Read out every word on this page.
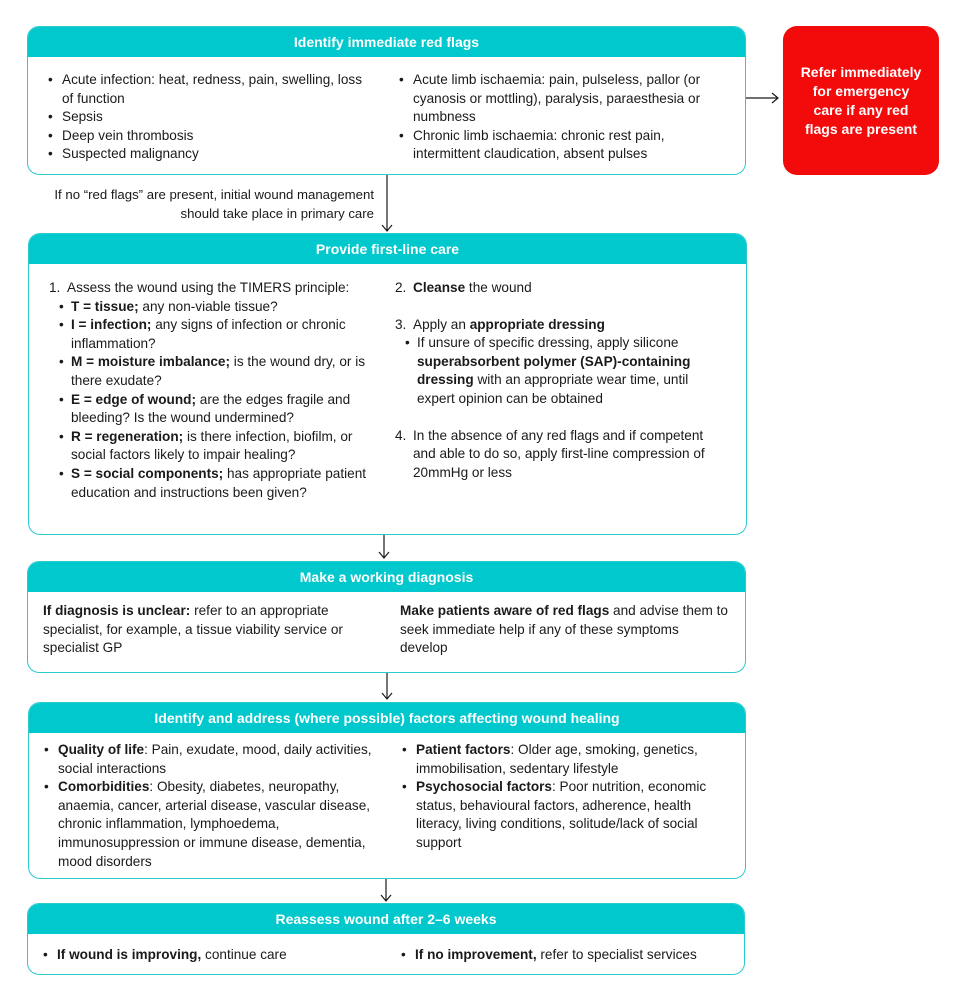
Identify immediate red flags
• Acute infection: heat, redness, pain, swelling, loss of function
• Sepsis
• Deep vein thrombosis
• Suspected malignancy
• Acute limb ischaemia: pain, pulseless, pallor (or cyanosis or mottling), paralysis, paraesthesia or numbness
• Chronic limb ischaemia: chronic rest pain, intermittent claudication, absent pulses
Refer immediately for emergency care if any red flags are present
If no “red flags” are present, initial wound management should take place in primary care
Provide first-line care
1. Assess the wound using the TIMERS principle:
• T = tissue; any non-viable tissue?
• I = infection; any signs of infection or chronic inflammation?
• M = moisture imbalance; is the wound dry, or is there exudate?
• E = edge of wound; are the edges fragile and bleeding? Is the wound undermined?
• R = regeneration; is there infection, biofilm, or social factors likely to impair healing?
• S = social components; has appropriate patient education and instructions been given?
2. Cleanse the wound
3. Apply an appropriate dressing
• If unsure of specific dressing, apply silicone superabsorbent polymer (SAP)-containing dressing with an appropriate wear time, until expert opinion can be obtained
4. In the absence of any red flags and if competent and able to do so, apply first-line compression of 20mmHg or less
Make a working diagnosis
If diagnosis is unclear: refer to an appropriate specialist, for example, a tissue viability service or specialist GP
Make patients aware of red flags and advise them to seek immediate help if any of these symptoms develop
Identify and address (where possible) factors affecting wound healing
• Quality of life: Pain, exudate, mood, daily activities, social interactions
• Comorbidities: Obesity, diabetes, neuropathy, anaemia, cancer, arterial disease, vascular disease, chronic inflammation, lymphoedema, immunosuppression or immune disease, dementia, mood disorders
• Patient factors: Older age, smoking, genetics, immobilisation, sedentary lifestyle
• Psychosocial factors: Poor nutrition, economic status, behavioural factors, adherence, health literacy, living conditions, solitude/lack of social support
Reassess wound after 2–6 weeks
• If wound is improving, continue care
•	If no improvement, refer to specialist services
